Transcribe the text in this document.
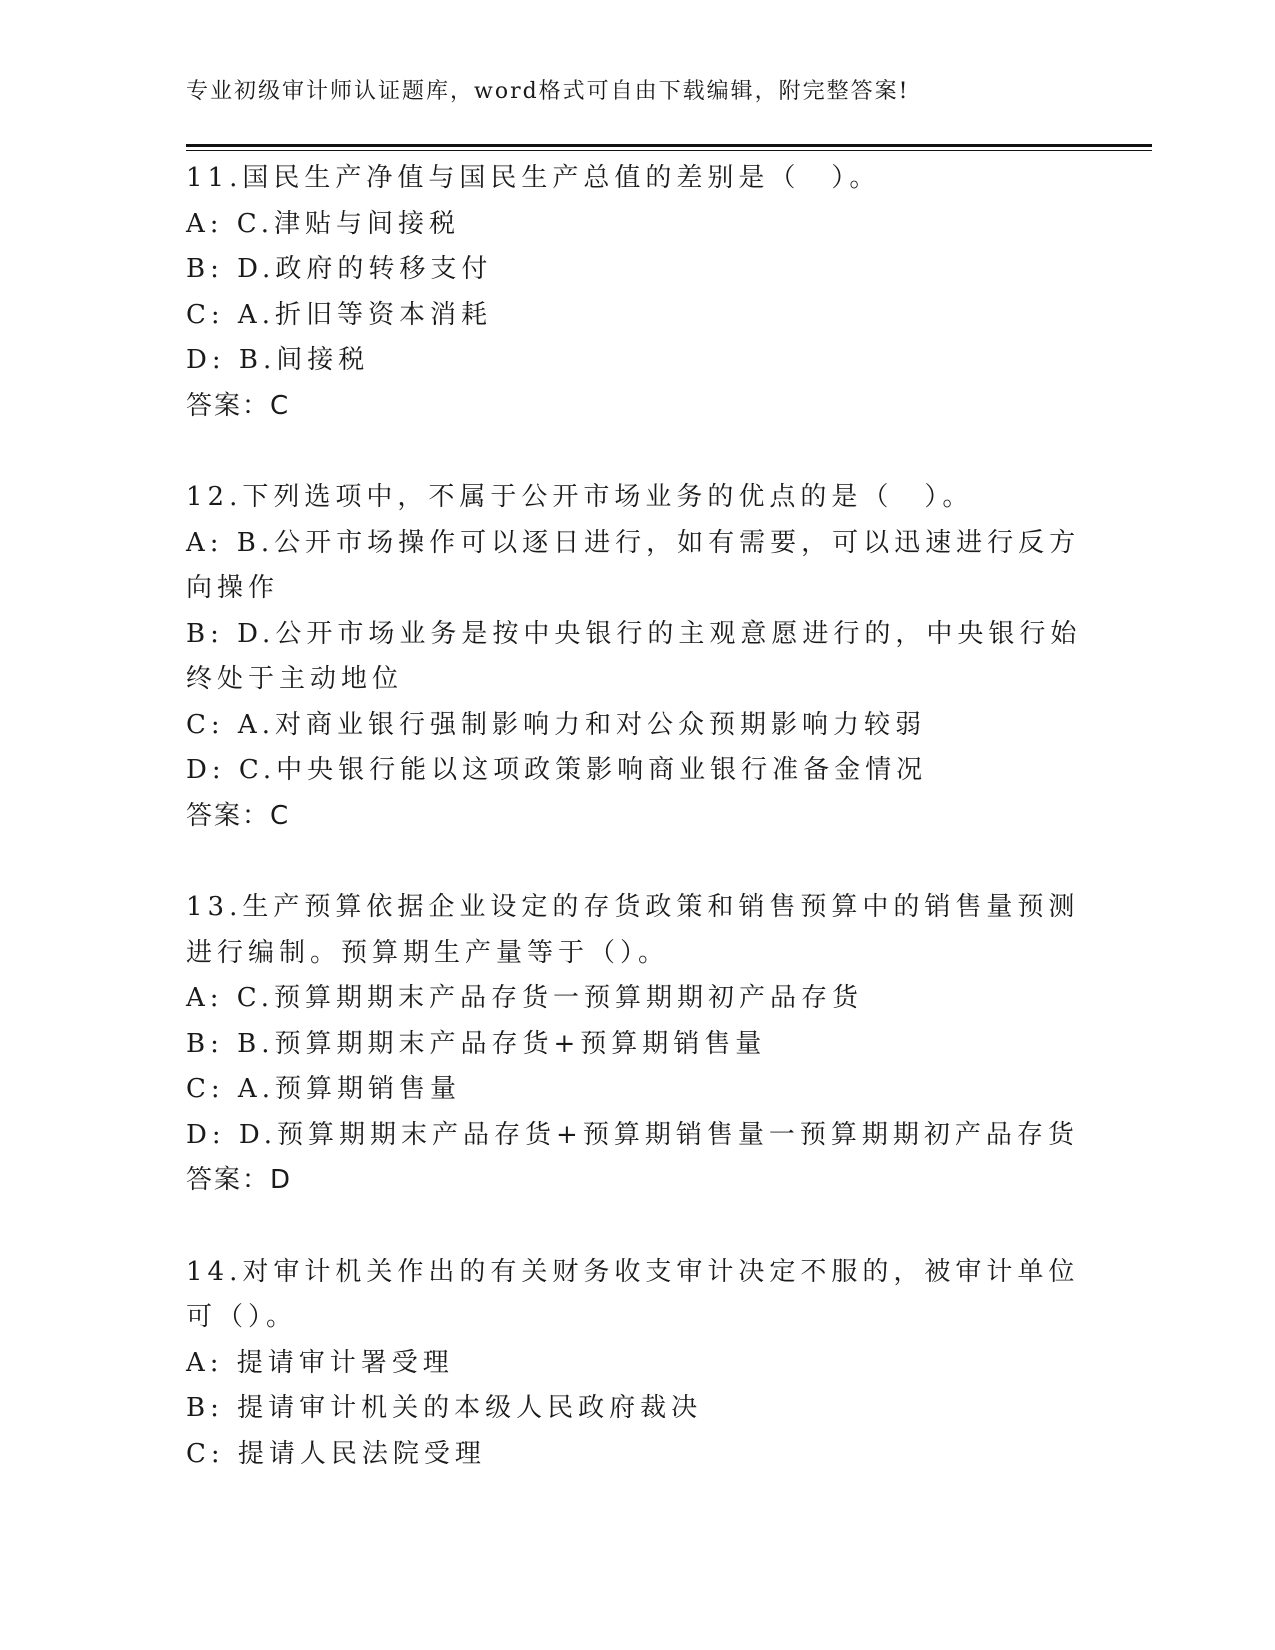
专业初级审计师认证题库，word格式可自由下载编辑，附完整答案!
11.国民生产净值与国民生产总值的差别是（　）。
A: C.津贴与间接税
B: D.政府的转移支付
C: A.折旧等资本消耗
D: B.间接税
答案：C
12.下列选项中，不属于公开市场业务的优点的是（　）。
A: B.公开市场操作可以逐日进行，如有需要，可以迅速进行反方向操作
B: D.公开市场业务是按中央银行的主观意愿进行的，中央银行始终处于主动地位
C: A.对商业银行强制影响力和对公众预期影响力较弱
D: C.中央银行能以这项政策影响商业银行准备金情况
答案：C
13.生产预算依据企业设定的存货政策和销售预算中的销售量预测进行编制。预算期生产量等于（）。
A: C.预算期期末产品存货一预算期期初产品存货
B: B.预算期期末产品存货+预算期销售量
C: A.预算期销售量
D: D.预算期期末产品存货+预算期销售量一预算期期初产品存货
答案：D
14.对审计机关作出的有关财务收支审计决定不服的，被审计单位可（）。
A: 提请审计署受理
B: 提请审计机关的本级人民政府裁决
C: 提请人民法院受理
